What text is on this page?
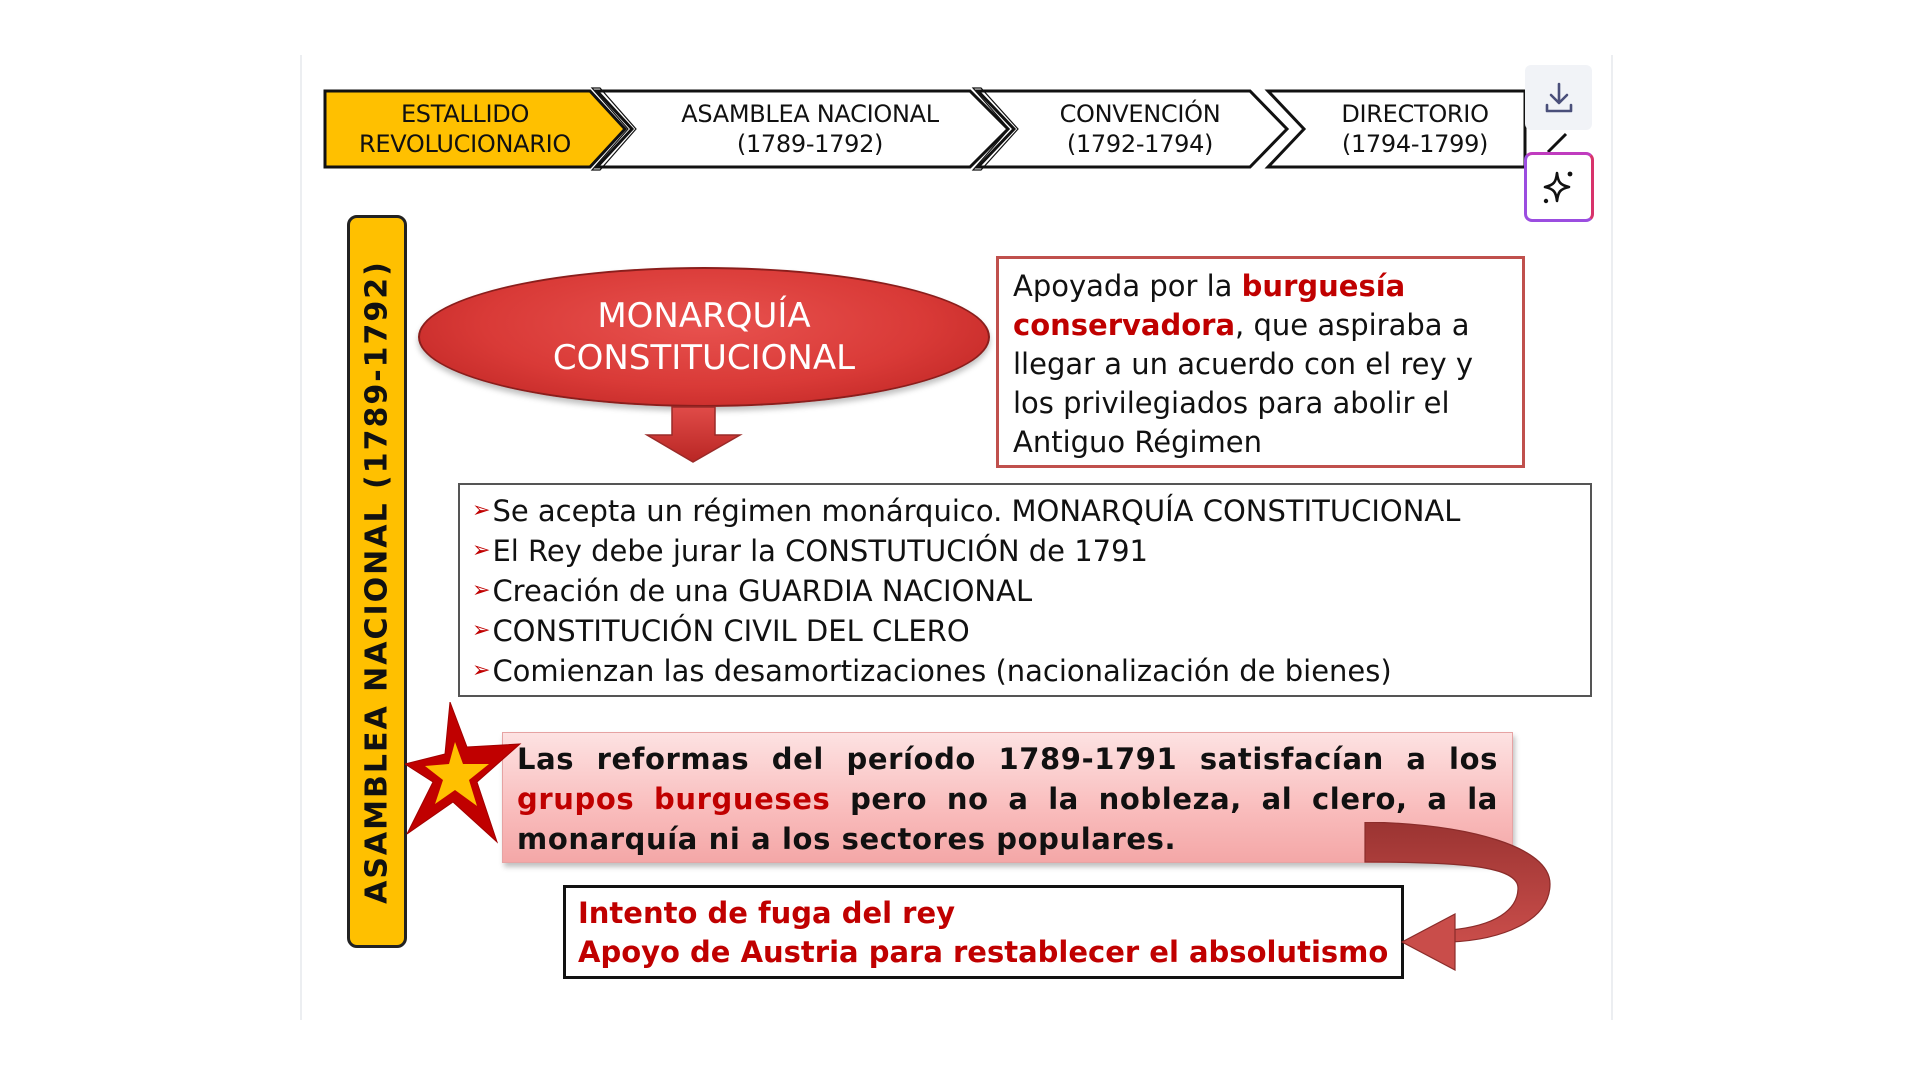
ESTALLIDO
REVOLUCIONARIO
ASAMBLEA NACIONAL
(1789-1792)
CONVENCIÓN
(1792-1794)
DIRECTORIO
(1794-1799)
ASAMBLEA NACIONAL (1789-1792)	MONARQUÍA
CONSTITUCIONAL
Apoyada por la burguesía conservadora, que aspiraba a llegar a un acuerdo con el rey y los privilegiados para abolir el Antiguo Régimen
➢ Se acepta un régimen monárquico. MONARQUÍA CONSTITUCIONAL
➢ El Rey debe jurar la CONSTUTUCIÓN de 1791
➢ Creación de una GUARDIA NACIONAL
➢ CONSTITUCIÓN CIVIL DEL CLERO
➢ Comienzan las desamortizaciones (nacionalización de bienes)
Las reformas del período 1789-1791 satisfacían a los grupos burgueses pero no a la nobleza, al clero, a la monarquía ni a los sectores populares.
Intento de fuga del rey
Apoyo de Austria para restablecer el absolutismo
